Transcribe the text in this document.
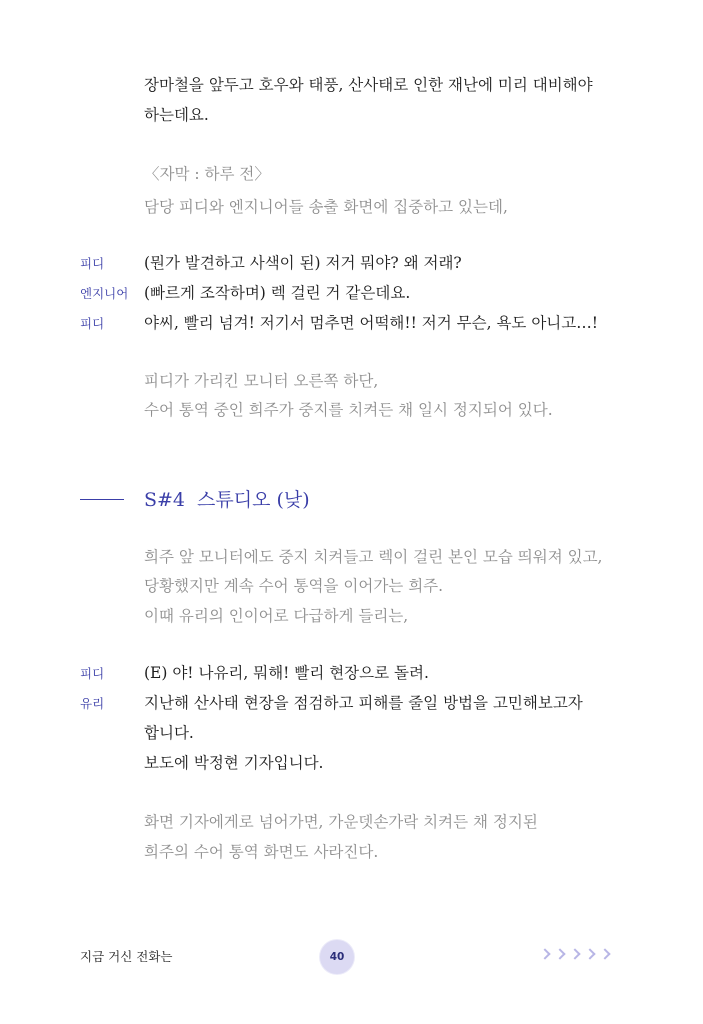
장마철을 앞두고 호우와 태풍, 산사태로 인한 재난에 미리 대비해야
하는데요.
〈자막 : 하루 전〉
담당 피디와 엔지니어들 송출 화면에 집중하고 있는데,
피디	(뭔가 발견하고 사색이 된) 저거 뭐야? 왜 저래?
엔지니어 (빠르게 조작하며) 렉 걸린 거 같은데요.
피디	야씨, 빨리 넘겨! 저기서 멈추면 어떡해!! 저거 무슨, 욕도 아니고…!
피디가 가리킨 모니터 오른쪽 하단,
수어 통역 중인 희주가 중지를 치켜든 채 일시 정지되어 있다.
S#4 스튜디오 (낮)
희주 앞 모니터에도 중지 치켜들고 렉이 걸린 본인 모습 띄워져 있고,
당황했지만 계속 수어 통역을 이어가는 희주.
이때 유리의 인이어로 다급하게 들리는,
피디	(E) 야! 나유리, 뭐해! 빨리 현장으로 돌려.
유리	지난해 산사태 현장을 점검하고 피해를 줄일 방법을 고민해보고자
합니다.
보도에 박정현 기자입니다.
화면 기자에게로 넘어가면, 가운뎃손가락 치켜든 채 정지된
희주의 수어 통역 화면도 사라진다.
지금 거신 전화는	40
